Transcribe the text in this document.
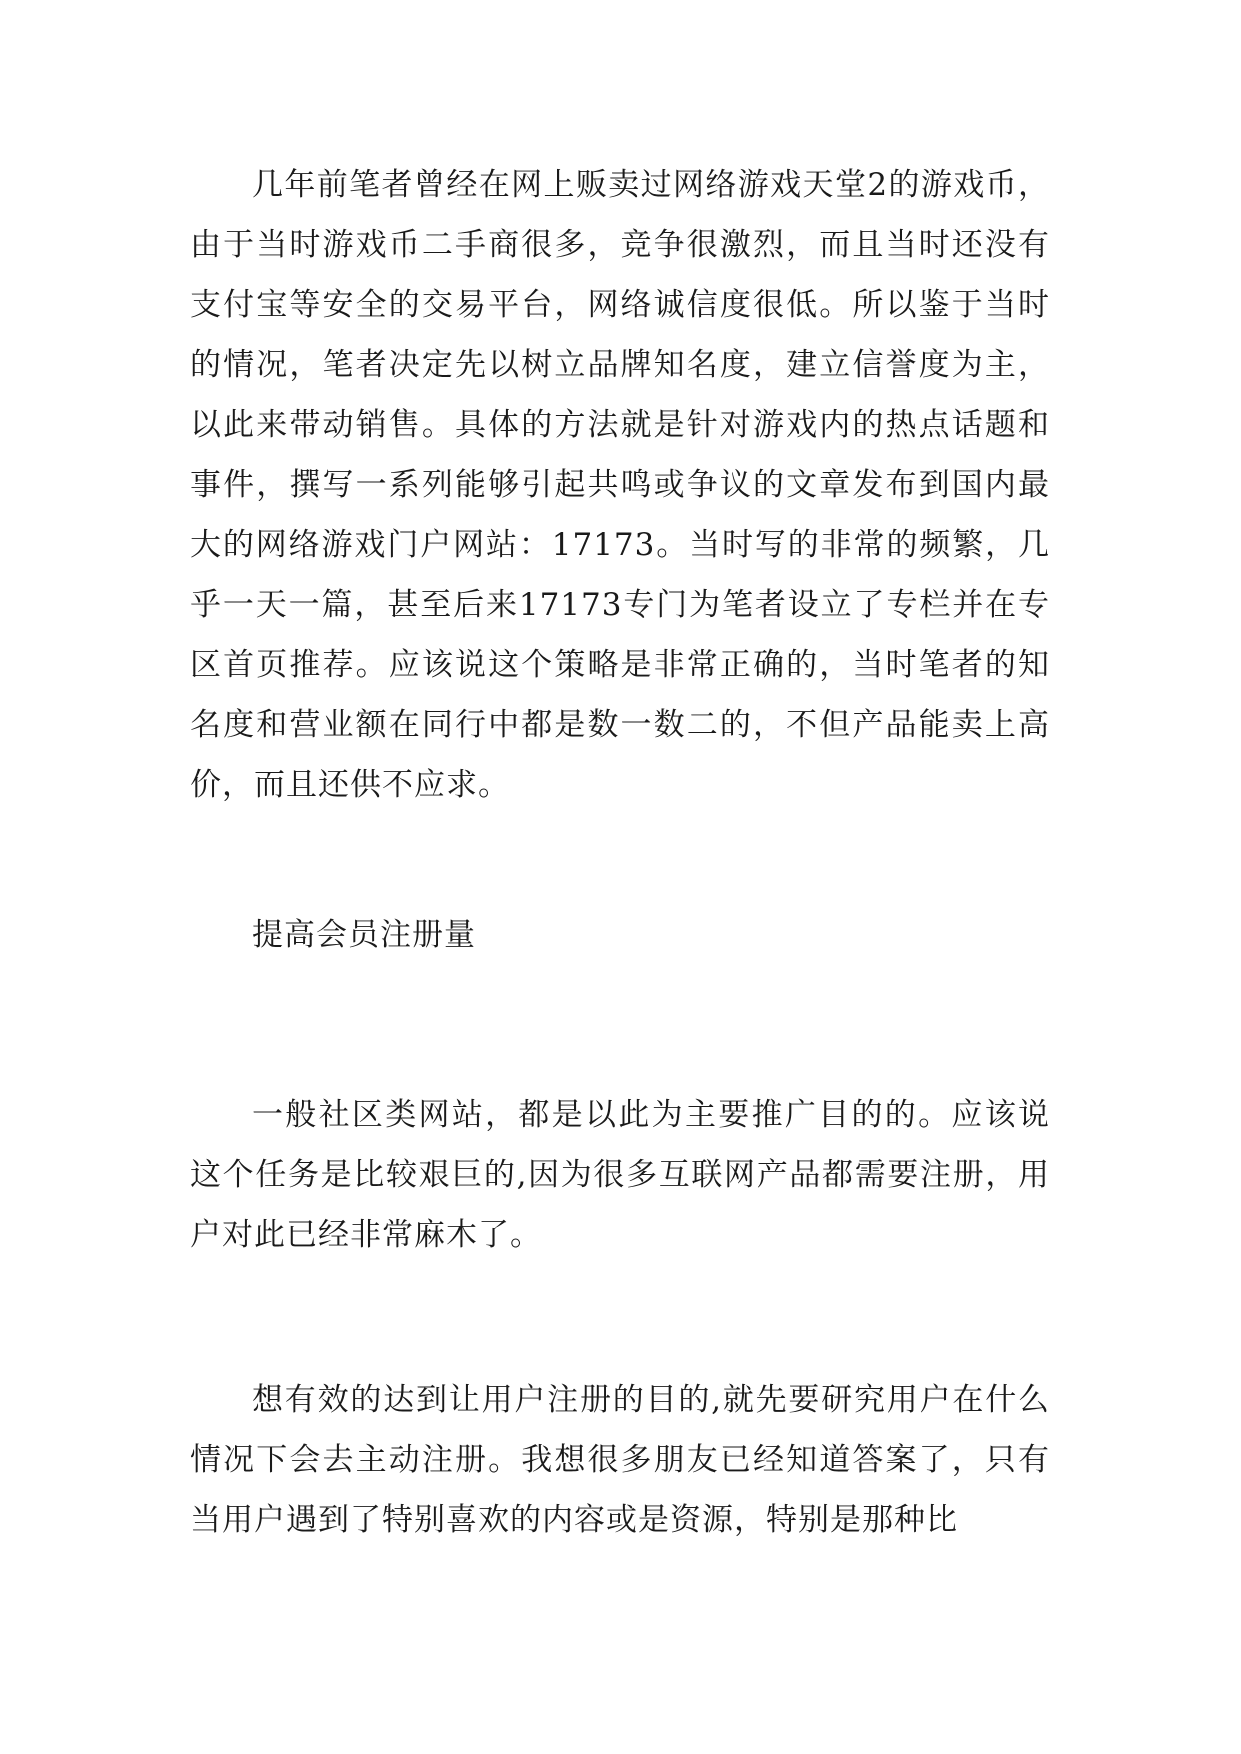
几年前笔者曾经在网上贩卖过网络游戏天堂2的游戏币，由于当时游戏币二手商很多，竞争很激烈，而且当时还没有支付宝等安全的交易平台，网络诚信度很低。所以鉴于当时的情况，笔者决定先以树立品牌知名度，建立信誉度为主，以此来带动销售。具体的方法就是针对游戏内的热点话题和事件，撰写一系列能够引起共鸣或争议的文章发布到国内最大的网络游戏门户网站：17173。当时写的非常的频繁，几乎一天一篇，甚至后来17173专门为笔者设立了专栏并在专区首页推荐。应该说这个策略是非常正确的，当时笔者的知名度和营业额在同行中都是数一数二的，不但产品能卖上高价，而且还供不应求。

提高会员注册量

一般社区类网站，都是以此为主要推广目的的。应该说这个任务是比较艰巨的,因为很多互联网产品都需要注册，用户对此已经非常麻木了。

想有效的达到让用户注册的目的,就先要研究用户在什么情况下会去主动注册。我想很多朋友已经知道答案了，只有当用户遇到了特别喜欢的内容或是资源，特别是那种比
